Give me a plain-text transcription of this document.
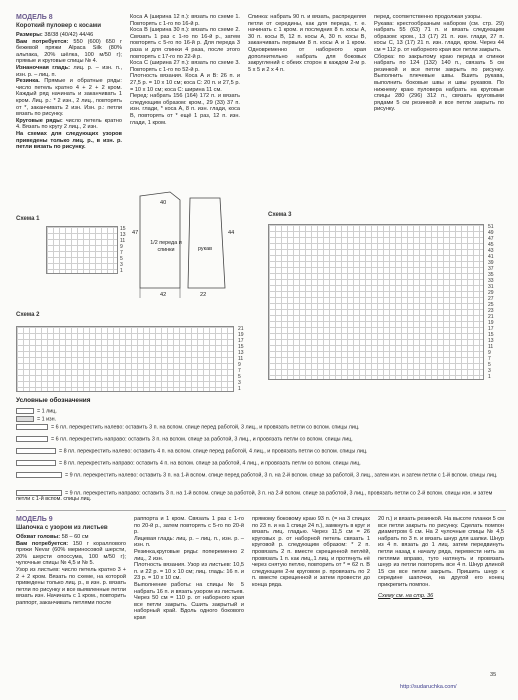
МОДЕЛЬ 8
Короткий пуловер с косами

Размеры: 38/38 (40/42) 44/46

Вам потребуется: 550 (600) 650 г бежевой пряжи Alpaca Silk (80% альпака, 20% шёлка, 100 м/50 г); прямые и круговые спицы № 4.

Изнаночная гладь: лиц. р. – изн. п., изн. р. – лиц. п.

Резинка. Прямые и обратные ряды: число петель кратно 4 + 2 + 2 кром. Каждый ряд начинать и заканчивать 1 кром. Лиц. р.: * 2 изн., 2 лиц., повторять от *, заканчивать 2 изн. Изн. р.: петли вязать по рисунку.

Круговые ряды: число петель кратно 4. Вязать по кругу 2 лиц., 2 изн.

На схемах для следующих узоров приведены только лиц. р., в изн. р. петли вязать по рисунку.

Коса А (ширина 12 п.): вязать по схеме 1. Повторять с 1-го по 16-й р.

Коса В (ширина 30 п.): вязать по схеме 2. Связать 1 раз с 1-го по 16-й р., затем повторять с 5-го по 16-й р. Для переда 3 раза и для спинки 4 раза, после этого повторять с 17-го по 22-й р.

Коса С (ширина 27 п.): вязать по схеме 3. Повторять с 1-го по 52-й р.

Плотность вязания. Коса А и В: 26 п. и 27,5 р. = 10 х 10 см; коса С: 20 п. и 27,5 р. = 10 х 10 см; коса С: ширина 11 см.

Перед: набрать 156 (164) 172 п. и вязать следующим образом: кром., 29 (33) 37 п. изн. глади, * коса А, 8 п. изн. глади, коса В, повторять от * ещё 1 раз, 12 п. изн. глади, 1 кром.

Спинка: набрать 90 п. и вязать, распределяя петли от середины, как для переда, т. е. начинать с 1 кром. и последних 8 п. косы А, 30 п. косы В, 12 п. косы А, 30 п. косы В, заканчивать первыми 8 п. косы А и 1 кром. Одновременно от наборного края дополнительно набрать для боковых закруглений с обеих сторон в каждом 2-м р. 5 х 5 и 2 х 4 п.

перед, соответственно продолжая узоры.

Рукава: крестообразным набором (см. стр. 29) набрать 55 (63) 71 п. и вязать следующим образом: кром., 13 (17) 21 п. изн. глади, 27 п. косы С, 13 (17) 21 п. изн. глади, кром. Через 44 см = 112 р. от наборного края все петли закрыть.

Сборка: по закрытому краю переда и спинки набрать по 124 (132) 140 п., связать 5 см резинкой и все петли закрыть по рисунку. Выполнить плечевые швы. Вшить рукава, выполнить боковые швы и швы рукавов. По нижнему краю пуловера набрать на круговые спицы 280 (296) 312 п., связать круговыми рядами 5 см резинкой и все петли закрыть по рисунку.

1/2 переда и спинки	рукав
42	22
47	44
40
Схема 1
15
13
11
9
7
5
3
1
Схема 2
21
19
17
15
13
11
9
7
5
3
1
Схема 3
51
49
47
45
43
41
39
37
35
33
31
29
27
25
23
21
19
17
15
13
11
9
7
5
3
1
Условные обозначения
= 1 лиц.
= 1 изн.
= 6 пл. перекрестить налево: оставить 3 п. на вспом. спице перед работой, 3 лиц., и провязать петли со вспом. спицы лиц.
= 6 пл. перекрестить направо: оставить 3 п. на вспом. спице за работой, 3 лиц., и провязать петли со вспом. спицы лиц.
= 8 пл. перекрестить налево: оставить 4 п. на вспом. спице перед работой, 4 лиц., и провязать петли со вспом. спицы лиц.
= 8 пл. перекрестить направо: оставить 4 п. на вспом. спице за работой, 4 лиц., и провязать петли со вспом. спицы лиц.
= 9 пл. перекрестить налево: оставить 3 п. на 1-й вспом. спице перед работой, 3 п. на 2-й вспом. спице за работой, 3 лиц., затем изн. и затем петли с 1-й вспом. спицы лиц.
= 9 пл. перекрестить направо: оставить 3 п. на 1-й вспом. спице за работой, 3 п. на 2-й вспом. спице за работой, 3 лиц., провязать петли со 2-й вспом. спицы изн. и затем петли с 1-й вспом. спицы лиц.
МОДЕЛЬ 9
Шапочка с узором из листьев

Обхват головы: 58 – 60 см

Вам потребуется: 150 г кораллового пряжи Nevar (60% мериносовой шерсти, 20% шерсти опоссума, 100 м/50 г); чулочные спицы № 4,5 и № 5.

Узор из листьев: число петель кратно 3 + 2 + 2 кром. Вязать по схеме, на которой приведены только лиц. р., в изн. р. вязать петли по рисунку и все выявленные петли вязать изн. Начинать с 1 кром., повторить раппорт, заканчивать петлями после

раппорта и 1 кром. Связать 1 раз с 1-го по 20-й р., затем повторять с 5-го по 20-й р.

Лицевая гладь: лиц. р. – лиц. п., изн. р. – изн. п.

Резинка,круговые ряды: попеременно 2 лиц., 2 изн.

Плотность вязания. Узор из листьев: 10,5 п. и 22 р. = 10 х 10 см; лиц. гладь: 16 п. и 23 р. = 10 х 10 см.

Выполнение работы: на спицы № 5 набрать 16 п. и вязать узором из листьев. Через 50 см = 110 р. от наборного края все петли закрыть. Сшить закрытый и наборный край. Вдоль одного бокового края

прямому боковому краю 93 п. (= на 3 спицах по 23 п. и на 1 спице 24 п.), замкнуть в круг и вязать лиц. гладью. Через 11,5 см = 26 круговых р. от наборной петель связать 1 круговой р. следующим образом: * 2 п. провязать 2 п. вместе скрещенной петлёй, провязать 1 п. как лиц.,1 лиц. и протянуть её через снятую петлю, повторить от * = 62 п. В следующем 2-м круговом р. провязать по 2 п. вместе скрещенной и затем провести до конца ряда.

20 п.) и вязать резинкой. На высоте планки 5 см все петли закрыть по рисунку. Сделать помпон диаметром 6 см. На 2 чулочные спицы № 4,5 набрать по 3 п. и вязать шнур для шапки. Шнур из 4 п. вязать до 1 лиц. затем передвинуть петли назад к началу ряда, перевести нить за петлями вправо, туго натянуть и провязать шнур из петли повторять все 4 п. Шнур длиной 15 см все петли закрыть. Пришить шнур к середине шапочки, на другой его конец прикрепить помпон.

Схему см. на стр. 36

35
http://sudaruchka.com/
